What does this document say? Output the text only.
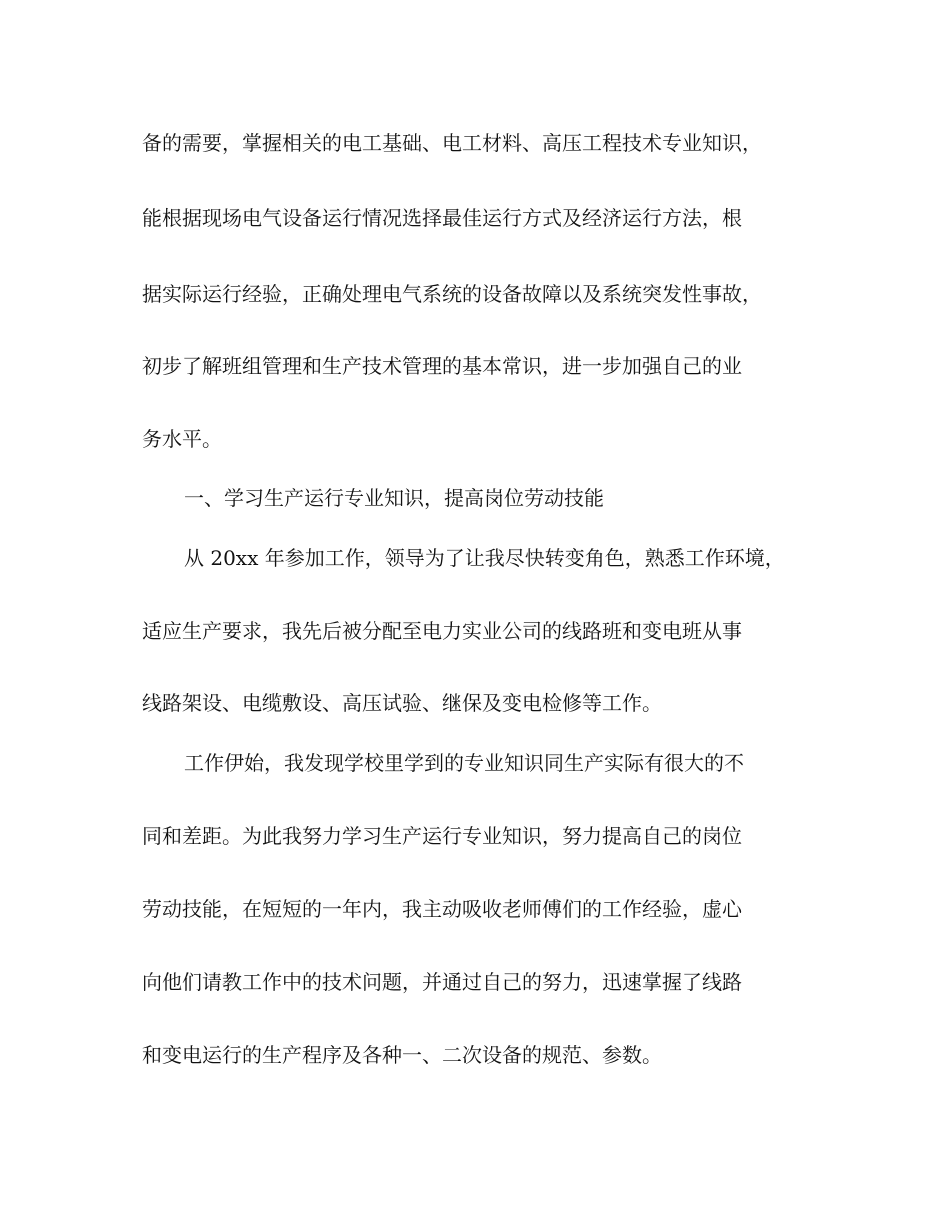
备的需要，掌握相关的电工基础、电工材料、高压工程技术专业知识，
能根据现场电气设备运行情况选择最佳运行方式及经济运行方法，根
据实际运行经验，正确处理电气系统的设备故障以及系统突发性事故，
初步了解班组管理和生产技术管理的基本常识，进一步加强自己的业
务水平。
一、学习生产运行专业知识，提高岗位劳动技能
从 20xx 年参加工作，领导为了让我尽快转变角色，熟悉工作环境，
适应生产要求，我先后被分配至电力实业公司的线路班和变电班从事
线路架设、电缆敷设、高压试验、继保及变电检修等工作。
工作伊始，我发现学校里学到的专业知识同生产实际有很大的不
同和差距。为此我努力学习生产运行专业知识，努力提高自己的岗位
劳动技能，在短短的一年内，我主动吸收老师傅们的工作经验，虚心
向他们请教工作中的技术问题，并通过自己的努力，迅速掌握了线路
和变电运行的生产程序及各种一、二次设备的规范、参数。
